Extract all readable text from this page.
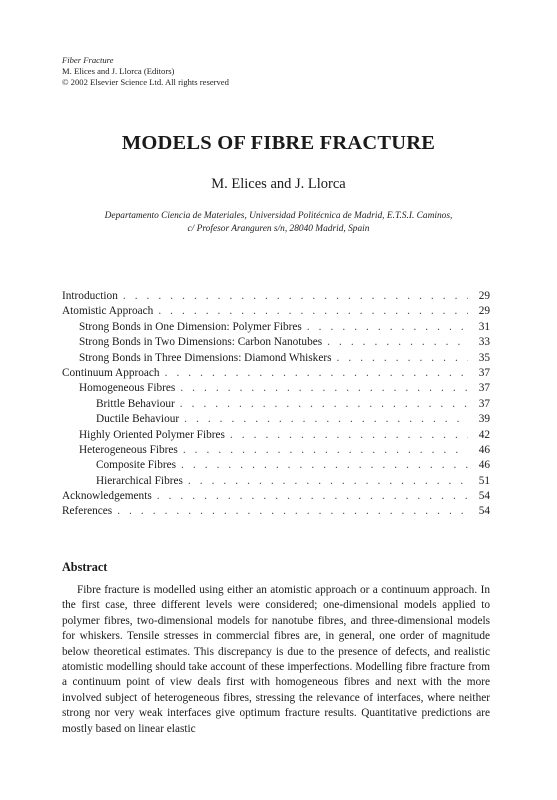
Fiber Fracture
M. Elices and J. Llorca (Editors)
© 2002 Elsevier Science Ltd. All rights reserved
MODELS OF FIBRE FRACTURE
M. Elices and J. Llorca
Departamento Ciencia de Materiales, Universidad Politécnica de Madrid, E.T.S.I. Caminos,
c/ Profesor Aranguren s/n, 28040 Madrid, Spain
Introduction . . .	29
Atomistic Approach . . .	29
Strong Bonds in One Dimension: Polymer Fibres . . .	31
Strong Bonds in Two Dimensions: Carbon Nanotubes . . .	33
Strong Bonds in Three Dimensions: Diamond Whiskers . . .	35
Continuum Approach . . .	37
Homogeneous Fibres . . .	37
Brittle Behaviour . . .	37
Ductile Behaviour . . .	39
Highly Oriented Polymer Fibres . . .	42
Heterogeneous Fibres . . .	46
Composite Fibres . . .	46
Hierarchical Fibres . . .	51
Acknowledgements . . .	54
References . . .	54
Abstract
Fibre fracture is modelled using either an atomistic approach or a continuum approach. In the first case, three different levels were considered; one-dimensional models applied to polymer fibres, two-dimensional models for nanotube fibres, and three-dimensional models for whiskers. Tensile stresses in commercial fibres are, in general, one order of magnitude below theoretical estimates. This discrepancy is due to the presence of defects, and realistic atomistic modelling should take account of these imperfections. Modelling fibre fracture from a continuum point of view deals first with homogeneous fibres and next with the more involved subject of heterogeneous fibres, stressing the relevance of interfaces, where neither strong nor very weak interfaces give optimum fracture results. Quantitative predictions are mostly based on linear elastic
